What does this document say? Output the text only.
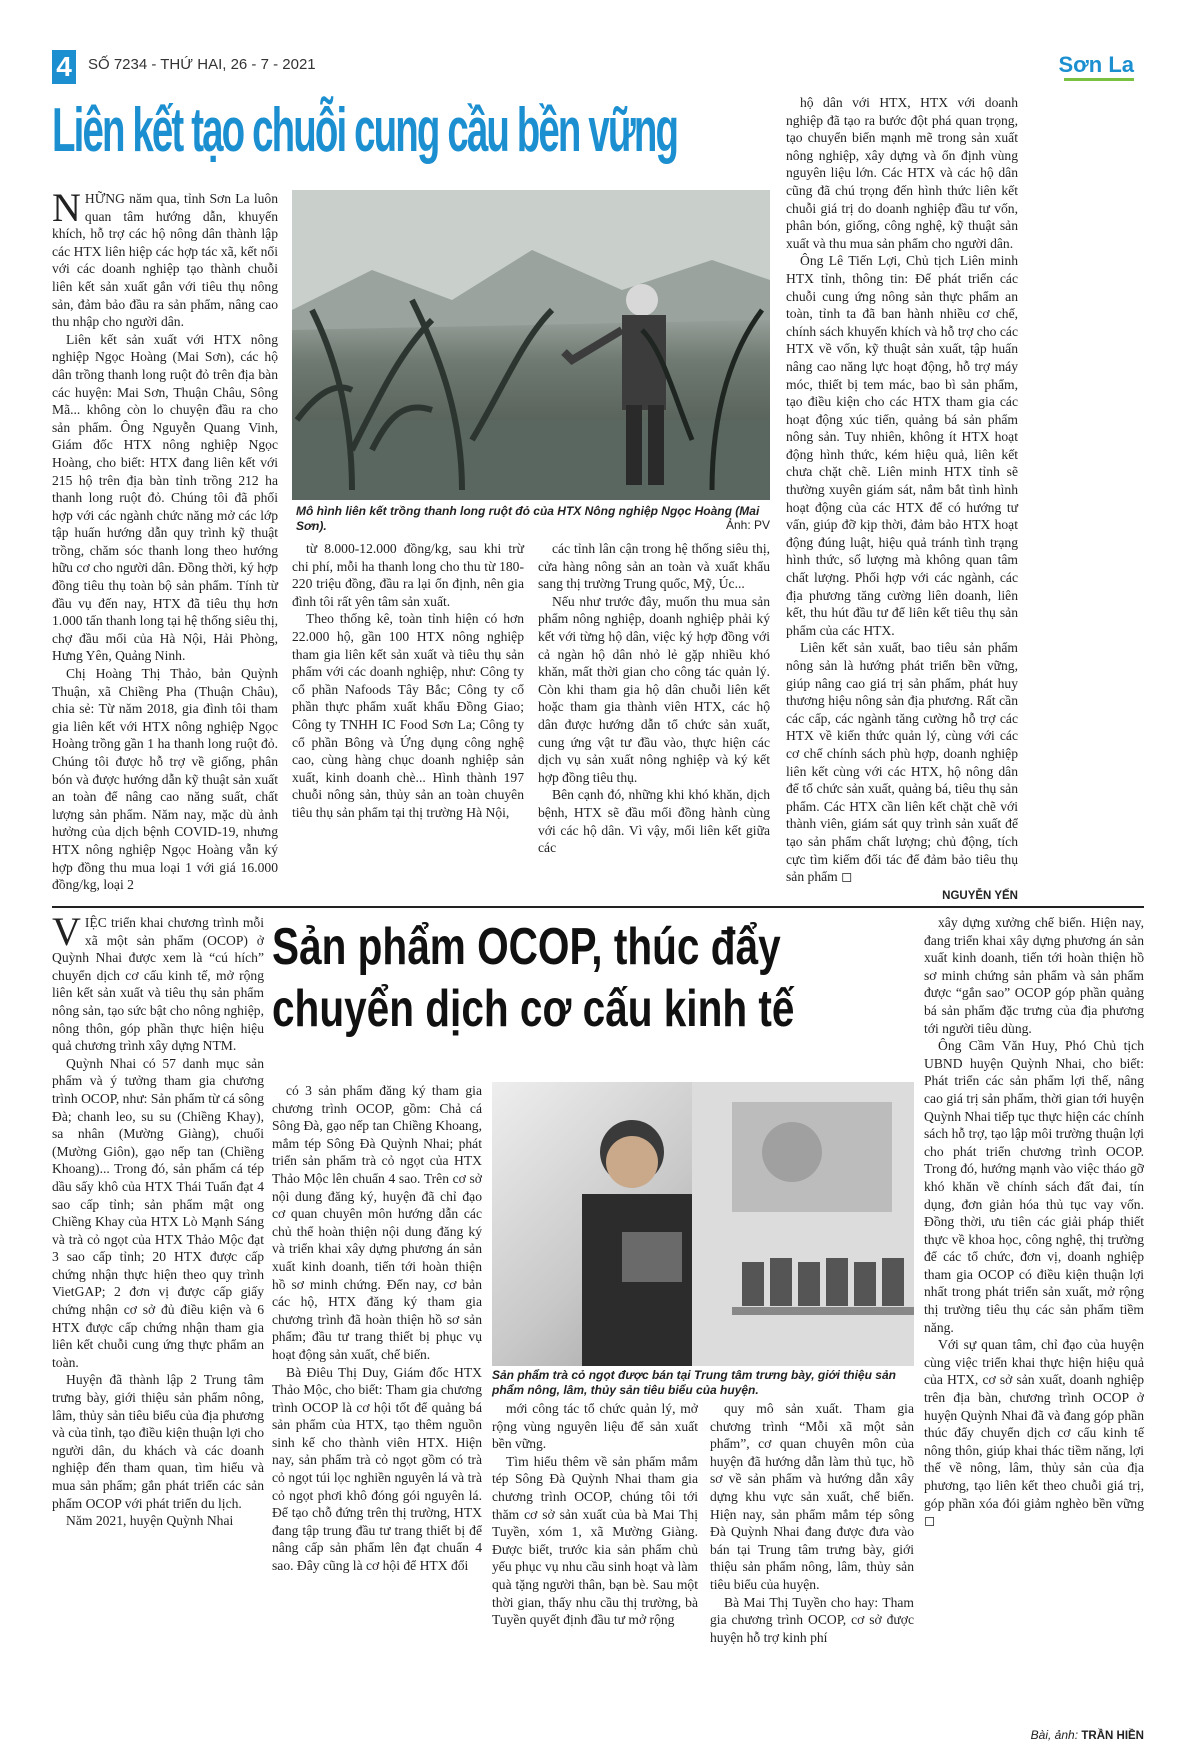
4 SỐ 7234 - THỨ HAI, 26 - 7 - 2021	Sơn La
Liên kết tạo chuỗi cung cầu bền vững

NHỮNG năm qua, tỉnh Sơn La luôn quan tâm hướng dẫn, khuyến khích, hỗ trợ các hộ nông dân thành lập các HTX liên hiệp các hợp tác xã, kết nối với các doanh nghiệp tạo thành chuỗi liên kết sản xuất gắn với tiêu thụ nông sản, đảm bảo đầu ra sản phẩm, nâng cao thu nhập cho người dân.

Liên kết sản xuất với HTX nông nghiệp Ngọc Hoàng (Mai Sơn), các hộ dân trồng thanh long ruột đỏ trên địa bàn các huyện: Mai Sơn, Thuận Châu, Sông Mã... không còn lo chuyện đầu ra cho sản phẩm. Ông Nguyễn Quang Vinh, Giám đốc HTX nông nghiệp Ngọc Hoàng, cho biết: HTX đang liên kết với 215 hộ trên địa bàn tỉnh trồng 212 ha thanh long ruột đỏ. Chúng tôi đã phối hợp với các ngành chức năng mở các lớp tập huấn hướng dẫn quy trình kỹ thuật trồng, chăm sóc thanh long theo hướng hữu cơ cho người dân. Đồng thời, ký hợp đồng tiêu thụ toàn bộ sản phẩm. Tính từ đầu vụ đến nay, HTX đã tiêu thụ hơn 1.000 tấn thanh long tại hệ thống siêu thị, chợ đầu mối của Hà Nội, Hải Phòng, Hưng Yên, Quảng Ninh.

Chị Hoàng Thị Thảo, bản Quỳnh Thuận, xã Chiềng Pha (Thuận Châu), chia sẻ: Từ năm 2018, gia đình tôi tham gia liên kết với HTX nông nghiệp Ngọc Hoàng trồng gần 1 ha thanh long ruột đỏ. Chúng tôi được hỗ trợ về giống, phân bón và được hướng dẫn kỹ thuật sản xuất an toàn để nâng cao năng suất, chất lượng sản phẩm. Năm nay, mặc dù ảnh hưởng của dịch bệnh COVID-19, nhưng HTX nông nghiệp Ngọc Hoàng vẫn ký hợp đồng thu mua loại 1 với giá 16.000 đồng/kg, loại 2

từ 8.000-12.000 đồng/kg, sau khi trừ chi phí, mỗi ha thanh long cho thu từ 180-220 triệu đồng, đầu ra lại ổn định, nên gia đình tôi rất yên tâm sản xuất.

Theo thống kê, toàn tỉnh hiện có hơn 22.000 hộ, gần 100 HTX nông nghiệp tham gia liên kết sản xuất và tiêu thụ sản phẩm với các doanh nghiệp, như: Công ty cổ phần Nafoods Tây Bắc; Công ty cổ phần thực phẩm xuất khẩu Đồng Giao; Công ty TNHH IC Food Sơn La; Công ty cổ phần Bông và Ứng dụng công nghệ cao, cùng hàng chục doanh nghiệp sản xuất, kinh doanh chè... Hình thành 197 chuỗi nông sản, thủy sản an toàn chuyên tiêu thụ sản phẩm tại thị trường Hà Nội,

các tỉnh lân cận trong hệ thống siêu thị, cửa hàng nông sản an toàn và xuất khẩu sang thị trường Trung quốc, Mỹ, Úc...

Nếu như trước đây, muốn thu mua sản phẩm nông nghiệp, doanh nghiệp phải ký kết với từng hộ dân, việc ký hợp đồng với cả ngàn hộ dân nhỏ lẻ gặp nhiều khó khăn, mất thời gian cho công tác quản lý. Còn khi tham gia hộ dân chuỗi liên kết hoặc tham gia thành viên HTX, các hộ dân được hướng dẫn tổ chức sản xuất, cung ứng vật tư đầu vào, thực hiện các dịch vụ sản xuất nông nghiệp và ký kết hợp đồng tiêu thụ.

Bên cạnh đó, những khi khó khăn, dịch bệnh, HTX sẽ đầu mối đồng hành cùng với các hộ dân. Vì vậy, mối liên kết giữa các

hộ dân với HTX, HTX với doanh nghiệp đã tạo ra bước đột phá quan trọng, tạo chuyển biến mạnh mẽ trong sản xuất nông nghiệp, xây dựng và ổn định vùng nguyên liệu lớn. Các HTX và các hộ dân cũng đã chú trọng đến hình thức liên kết chuỗi giá trị do doanh nghiệp đầu tư vốn, phân bón, giống, công nghệ, kỹ thuật sản xuất và thu mua sản phẩm cho người dân.

Ông Lê Tiến Lợi, Chủ tịch Liên minh HTX tỉnh, thông tin: Để phát triển các chuỗi cung ứng nông sản thực phẩm an toàn, tỉnh ta đã ban hành nhiều cơ chế, chính sách khuyến khích và hỗ trợ cho các HTX về vốn, kỹ thuật sản xuất, tập huấn nâng cao năng lực hoạt động, hỗ trợ máy móc, thiết bị tem mác, bao bì sản phẩm, tạo điều kiện cho các HTX tham gia các hoạt động xúc tiến, quảng bá sản phẩm nông sản. Tuy nhiên, không ít HTX hoạt động hình thức, kém hiệu quả, liên kết chưa chặt chẽ. Liên minh HTX tỉnh sẽ thường xuyên giám sát, nắm bắt tình hình hoạt động của các HTX để có hướng tư vấn, giúp đỡ kịp thời, đảm bảo HTX hoạt động đúng luật, hiệu quả tránh tình trạng hình thức, số lượng mà không quan tâm chất lượng. Phối hợp với các ngành, các địa phương tăng cường liên doanh, liên kết, thu hút đầu tư để liên kết tiêu thụ sản phẩm của các HTX.

Liên kết sản xuất, bao tiêu sản phẩm nông sản là hướng phát triển bền vững, giúp nâng cao giá trị sản phẩm, phát huy thương hiệu nông sản địa phương. Rất cần các cấp, các ngành tăng cường hỗ trợ các HTX về kiến thức quản lý, cùng với các cơ chế chính sách phù hợp, doanh nghiệp liên kết cùng với các HTX, hộ nông dân để tổ chức sản xuất, quảng bá, tiêu thụ sản phẩm. Các HTX cần liên kết chặt chẽ với thành viên, giám sát quy trình sản xuất để tạo sản phẩm chất lượng; chủ động, tích cực tìm kiếm đối tác để đảm bảo tiêu thụ sản phẩm ◻

Mô hình liên kết trồng thanh long ruột đỏ của HTX Nông nghiệp Ngọc Hoàng (Mai Sơn).	Ảnh: PV
NGUYỄN YẾN
Sản phẩm OCOP, thúc đẩy
chuyển dịch cơ cấu kinh tế

VIỆC triển khai chương trình mỗi xã một sản phẩm (OCOP) ở Quỳnh Nhai được xem là “cú hích” chuyển dịch cơ cấu kinh tế, mở rộng liên kết sản xuất và tiêu thụ sản phẩm nông sản, tạo sức bật cho nông nghiệp, nông thôn, góp phần thực hiện hiệu quả chương trình xây dựng NTM.

Quỳnh Nhai có 57 danh mục sản phẩm và ý tưởng tham gia chương trình OCOP, như: Sản phẩm từ cá sông Đà; chanh leo, su su (Chiềng Khay), sa nhân (Mường Giàng), chuối (Mường Giôn), gạo nếp tan (Chiềng Khoang)... Trong đó, sản phẩm cá tép dầu sấy khô của HTX Thái Tuấn đạt 4 sao cấp tỉnh; sản phẩm mật ong Chiềng Khay của HTX Lò Mạnh Sáng và trà cỏ ngọt của HTX Thảo Mộc đạt 3 sao cấp tỉnh; 20 HTX được cấp chứng nhận thực hiện theo quy trình VietGAP; 2 đơn vị được cấp giấy chứng nhận cơ sở đủ điều kiện và 6 HTX được cấp chứng nhận tham gia liên kết chuỗi cung ứng thực phẩm an toàn.

Huyện đã thành lập 2 Trung tâm trưng bày, giới thiệu sản phẩm nông, lâm, thủy sản tiêu biểu của địa phương và của tỉnh, tạo điều kiện thuận lợi cho người dân, du khách và các doanh nghiệp đến tham quan, tìm hiểu và mua sản phẩm; gắn phát triển các sản phẩm OCOP với phát triển du lịch.

Năm 2021, huyện Quỳnh Nhai

có 3 sản phẩm đăng ký tham gia chương trình OCOP, gồm: Chả cá Sông Đà, gạo nếp tan Chiềng Khoang, mắm tép Sông Đà Quỳnh Nhai; phát triển sản phẩm trà cỏ ngọt của HTX Thảo Mộc lên chuẩn 4 sao. Trên cơ sở nội dung đăng ký, huyện đã chỉ đạo cơ quan chuyên môn hướng dẫn các chủ thể hoàn thiện nội dung đăng ký và triển khai xây dựng phương án sản xuất kinh doanh, tiến tới hoàn thiện hồ sơ minh chứng. Đến nay, cơ bản các hộ, HTX đăng ký tham gia chương trình đã hoàn thiện hồ sơ sản phẩm; đầu tư trang thiết bị phục vụ hoạt động sản xuất, chế biến.

Bà Điêu Thị Duy, Giám đốc HTX Thảo Mộc, cho biết: Tham gia chương trình OCOP là cơ hội tốt để quảng bá sản phẩm của HTX, tạo thêm nguồn sinh kế cho thành viên HTX. Hiện nay, sản phẩm trà cỏ ngọt gồm có trà cỏ ngọt túi lọc nghiền nguyên lá và trà cỏ ngọt phơi khô đóng gói nguyên lá. Để tạo chỗ đứng trên thị trường, HTX đang tập trung đầu tư trang thiết bị để nâng cấp sản phẩm lên đạt chuẩn 4 sao. Đây cũng là cơ hội để HTX đổi

mới công tác tổ chức quản lý, mở rộng vùng nguyên liệu để sản xuất bền vững.

Tìm hiểu thêm về sản phẩm mắm tép Sông Đà Quỳnh Nhai tham gia chương trình OCOP, chúng tôi tới thăm cơ sở sản xuất của bà Mai Thị Tuyền, xóm 1, xã Mường Giàng. Được biết, trước kia sản phẩm chủ yếu phục vụ nhu cầu sinh hoạt và làm quà tặng người thân, bạn bè. Sau một thời gian, thấy nhu cầu thị trường, bà Tuyền quyết định đầu tư mở rộng

quy mô sản xuất. Tham gia chương trình “Mỗi xã một sản phẩm”, cơ quan chuyên môn của huyện đã hướng dẫn làm thủ tục, hồ sơ về sản phẩm và hướng dẫn xây dựng khu vực sản xuất, chế biến. Hiện nay, sản phẩm mắm tép sông Đà Quỳnh Nhai đang được đưa vào bán tại Trung tâm trưng bày, giới thiệu sản phẩm nông, lâm, thủy sản tiêu biểu của huyện.

Bà Mai Thị Tuyền cho hay: Tham gia chương trình OCOP, cơ sở được huyện hỗ trợ kinh phí

xây dựng xưởng chế biến. Hiện nay, đang triển khai xây dựng phương án sản xuất kinh doanh, tiến tới hoàn thiện hồ sơ minh chứng sản phẩm và sản phẩm được “gắn sao” OCOP góp phần quảng bá sản phẩm đặc trưng của địa phương tới người tiêu dùng.

Ông Cầm Văn Huy, Phó Chủ tịch UBND huyện Quỳnh Nhai, cho biết: Phát triển các sản phẩm lợi thế, nâng cao giá trị sản phẩm, thời gian tới huyện Quỳnh Nhai tiếp tục thực hiện các chính sách hỗ trợ, tạo lập môi trường thuận lợi cho phát triển chương trình OCOP. Trong đó, hướng mạnh vào việc tháo gỡ khó khăn về chính sách đất đai, tín dụng, đơn giản hóa thủ tục vay vốn. Đồng thời, ưu tiên các giải pháp thiết thực về khoa học, công nghệ, thị trường để các tổ chức, đơn vị, doanh nghiệp tham gia OCOP có điều kiện thuận lợi nhất trong phát triển sản xuất, mở rộng thị trường tiêu thụ các sản phẩm tiềm năng.

Với sự quan tâm, chỉ đạo của huyện cùng việc triển khai thực hiện hiệu quả của HTX, cơ sở sản xuất, doanh nghiệp trên địa bàn, chương trình OCOP ở huyện Quỳnh Nhai đã và đang góp phần thúc đẩy chuyển dịch cơ cấu kinh tế nông thôn, giúp khai thác tiềm năng, lợi thế về nông, lâm, thủy sản của địa phương, tạo liên kết theo chuỗi giá trị, góp phần xóa đói giảm nghèo bền vững ◻

Sản phẩm trà cỏ ngọt được bán tại Trung tâm trưng bày, giới thiệu sản phẩm nông, lâm, thủy sản tiêu biểu của huyện.
Bài, ảnh: TRẦN HIỀN
